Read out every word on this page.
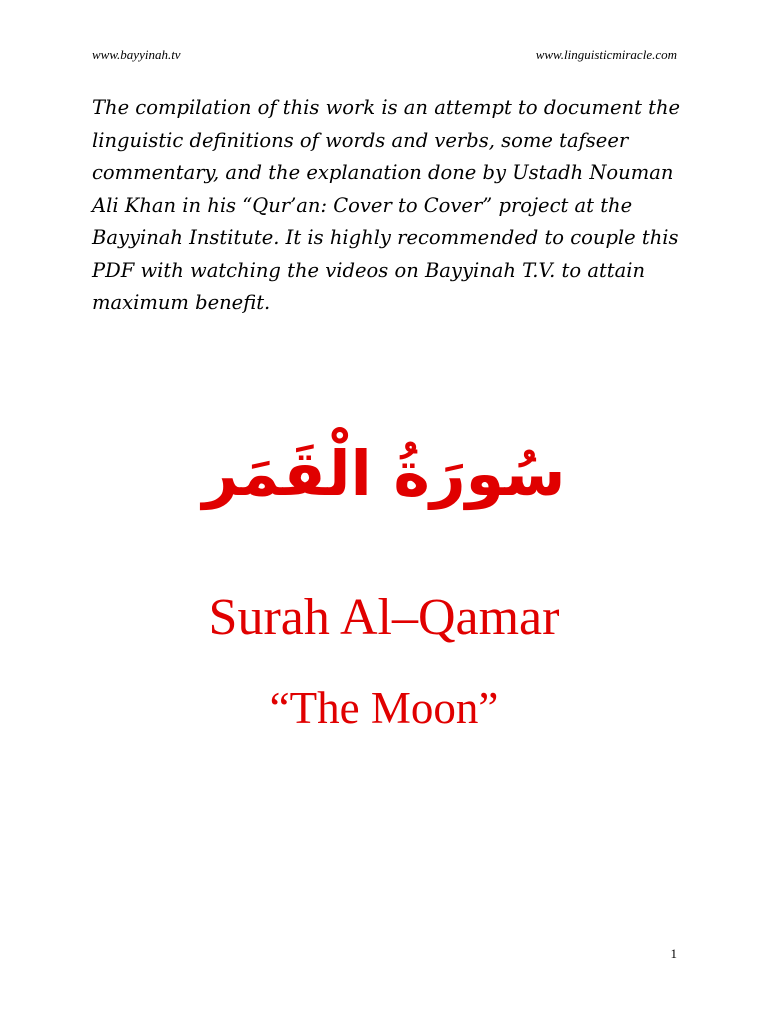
www.bayyinah.tv	www.linguisticmiracle.com

The compilation of this work is an attempt to document the
linguistic definitions of words and verbs, some tafseer
commentary, and the explanation done by Ustadh Nouman
Ali Khan in his “Qur’an: Cover to Cover” project at the
Bayyinah Institute. It is highly recommended to couple this
PDF with watching the videos on Bayyinah T.V. to attain
maximum benefit.

سُورَةُ الْقَمَر
Surah Al–Qamar
“The Moon”
1
